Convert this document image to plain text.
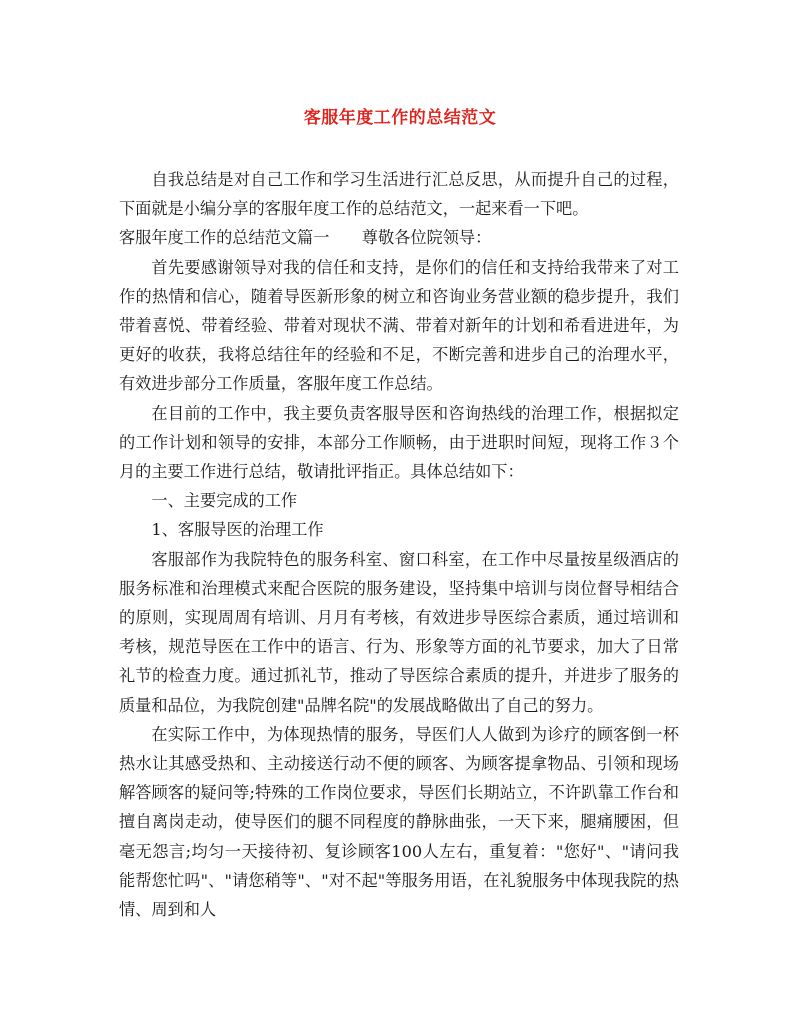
客服年度工作的总结范文

自我总结是对自己工作和学习生活进行汇总反思，从而提升自己的过程，下面就是小编分享的客服年度工作的总结范文，一起来看一下吧。

客服年度工作的总结范文篇一　　尊敬各位院领导：

首先要感谢领导对我的信任和支持，是你们的信任和支持给我带来了对工作的热情和信心，随着导医新形象的树立和咨询业务营业额的稳步提升，我们带着喜悦、带着经验、带着对现状不满、带着对新年的计划和希看进进年，为更好的收获，我将总结往年的经验和不足，不断完善和进步自己的治理水平，有效进步部分工作质量，客服年度工作总结。

在目前的工作中，我主要负责客服导医和咨询热线的治理工作，根据拟定的工作计划和领导的安排，本部分工作顺畅，由于进职时间短，现将工作３个月的主要工作进行总结，敬请批评指正。具体总结如下：

一、主要完成的工作

1、客服导医的治理工作

客服部作为我院特色的服务科室、窗口科室，在工作中尽量按星级酒店的服务标准和治理模式来配合医院的服务建设，坚持集中培训与岗位督导相结合的原则，实现周周有培训、月月有考核，有效进步导医综合素质，通过培训和考核，规范导医在工作中的语言、行为、形象等方面的礼节要求，加大了日常礼节的检查力度。通过抓礼节，推动了导医综合素质的提升，并进步了服务的质量和品位，为我院创建"品牌名院"的发展战略做出了自己的努力。

在实际工作中，为体现热情的服务，导医们人人做到为诊疗的顾客倒一杯热水让其感受热和、主动接送行动不便的顾客、为顾客提拿物品、引领和现场解答顾客的疑问等;特殊的工作岗位要求，导医们长期站立，不许趴靠工作台和擅自离岗走动，使导医们的腿不同程度的静脉曲张，一天下来，腿痛腰困，但毫无怨言;均匀一天接待初、复诊顾客100人左右，重复着："您好"、"请问我能帮您忙吗"、"请您稍等"、"对不起"等服务用语，在礼貌服务中体现我院的热情、周到和人
